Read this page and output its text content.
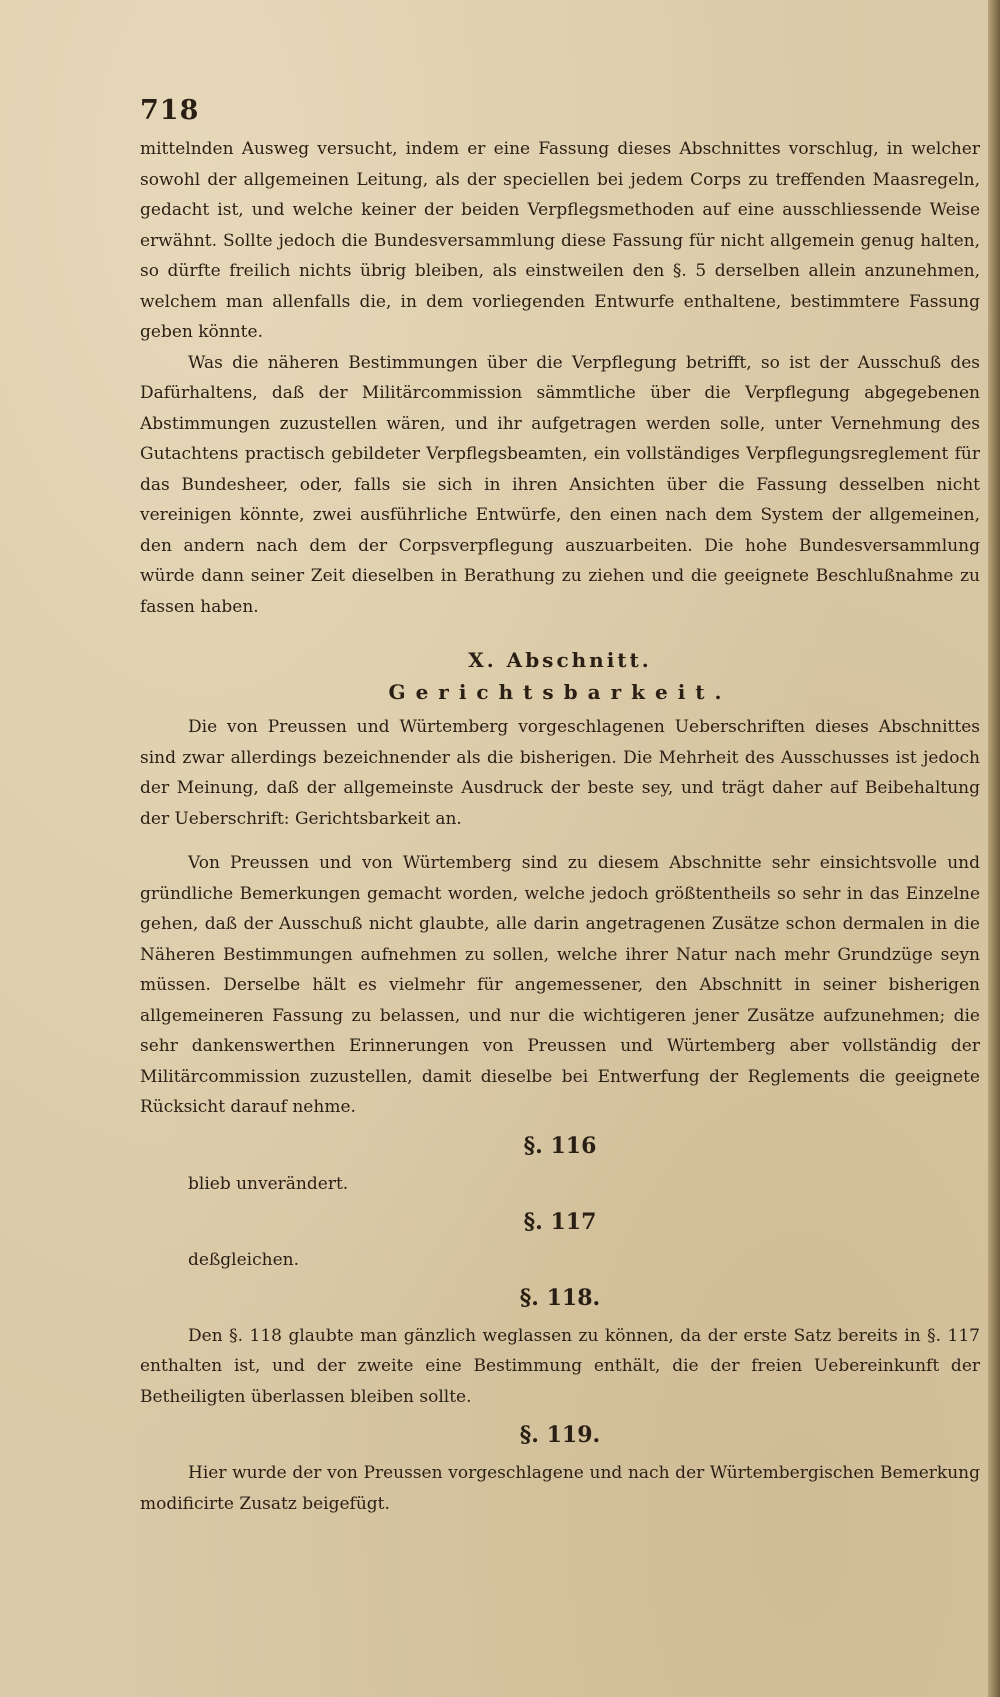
718

mittelnden Ausweg versucht, indem er eine Fassung dieses Abschnittes vorschlug, in welcher sowohl der allgemeinen Leitung, als der speciellen bei jedem Corps zu treffenden Maasregeln, gedacht ist, und welche keiner der beiden Verpflegsmethoden auf eine ausschliessende Weise erwähnt. Sollte jedoch die Bundesversammlung diese Fassung für nicht allgemein genug halten, so dürfte freilich nichts übrig bleiben, als einstweilen den §. 5 derselben allein anzunehmen, welchem man allenfalls die, in dem vorliegenden Entwurfe enthaltene, bestimmtere Fassung geben könnte.

Was die näheren Bestimmungen über die Verpflegung betrifft, so ist der Ausschuß des Dafürhaltens, daß der Militärcommission sämmtliche über die Verpflegung abgegebenen Abstimmungen zuzustellen wären, und ihr aufgetragen werden solle, unter Vernehmung des Gutachtens practisch gebildeter Verpflegsbeamten, ein vollständiges Verpflegungsreglement für das Bundesheer, oder, falls sie sich in ihren Ansichten über die Fassung desselben nicht vereinigen könnte, zwei ausführliche Entwürfe, den einen nach dem System der allgemeinen, den andern nach dem der Corpsverpflegung auszuarbeiten. Die hohe Bundesversammlung würde dann seiner Zeit dieselben in Berathung zu ziehen und die geeignete Beschlußnahme zu fassen haben.

X. Abschnitt.
Gerichtsbarkeit.

Die von Preussen und Würtemberg vorgeschlagenen Ueberschriften dieses Abschnittes sind zwar allerdings bezeichnender als die bisherigen. Die Mehrheit des Ausschusses ist jedoch der Meinung, daß der allgemeinste Ausdruck der beste sey, und trägt daher auf Beibehaltung der Ueberschrift: Gerichtsbarkeit an.

Von Preussen und von Würtemberg sind zu diesem Abschnitte sehr einsichtsvolle und gründliche Bemerkungen gemacht worden, welche jedoch größtentheils so sehr in das Einzelne gehen, daß der Ausschuß nicht glaubte, alle darin angetragenen Zusätze schon dermalen in die Näheren Bestimmungen aufnehmen zu sollen, welche ihrer Natur nach mehr Grundzüge seyn müssen. Derselbe hält es vielmehr für angemessener, den Abschnitt in seiner bisherigen allgemeineren Fassung zu belassen, und nur die wichtigeren jener Zusätze aufzunehmen; die sehr dankenswerthen Erinnerungen von Preussen und Würtemberg aber vollständig der Militärcommission zuzustellen, damit dieselbe bei Entwerfung der Reglements die geeignete Rücksicht darauf nehme.

§. 116
blieb unverändert.
§. 117
deßgleichen.
§. 118.

Den §. 118 glaubte man gänzlich weglassen zu können, da der erste Satz bereits in §. 117 enthalten ist, und der zweite eine Bestimmung enthält, die der freien Uebereinkunft der Betheiligten überlassen bleiben sollte.

§. 119.

Hier wurde der von Preussen vorgeschlagene und nach der Würtembergischen Bemerkung modificirte Zusatz beigefügt.
